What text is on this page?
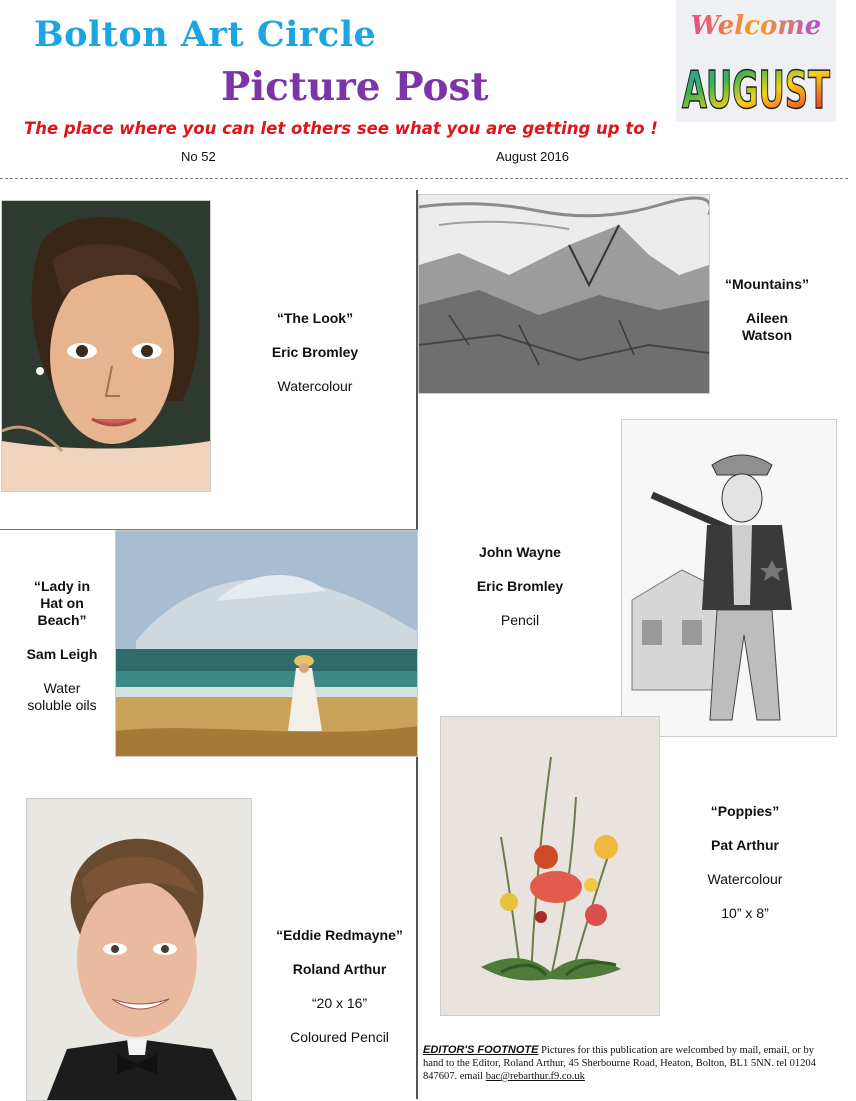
Bolton Art Circle
Picture Post
The place where you can let others see what you are getting up to !
No 52	August 2016
Welcome
AUGUST
“The Look”
Eric Bromley
Watercolour
“Mountains”
Aileen
Watson
“Lady in
Hat on
Beach”
Sam Leigh
Water
soluble oils
John Wayne
Eric Bromley
Pencil
“Poppies”
Pat Arthur
Watercolour
10” x 8”
“Eddie Redmayne”
Roland Arthur
“20 x 16”
Coloured Pencil
EDITOR'S FOOTNOTE Pictures for this publication are welcombed by mail, email, or by hand to the Editor, Roland Arthur, 45 Sherbourne Road, Heaton, Bolton, BL1 5NN. tel 01204 847607. email bac@rebarthur.f9.co.uk
